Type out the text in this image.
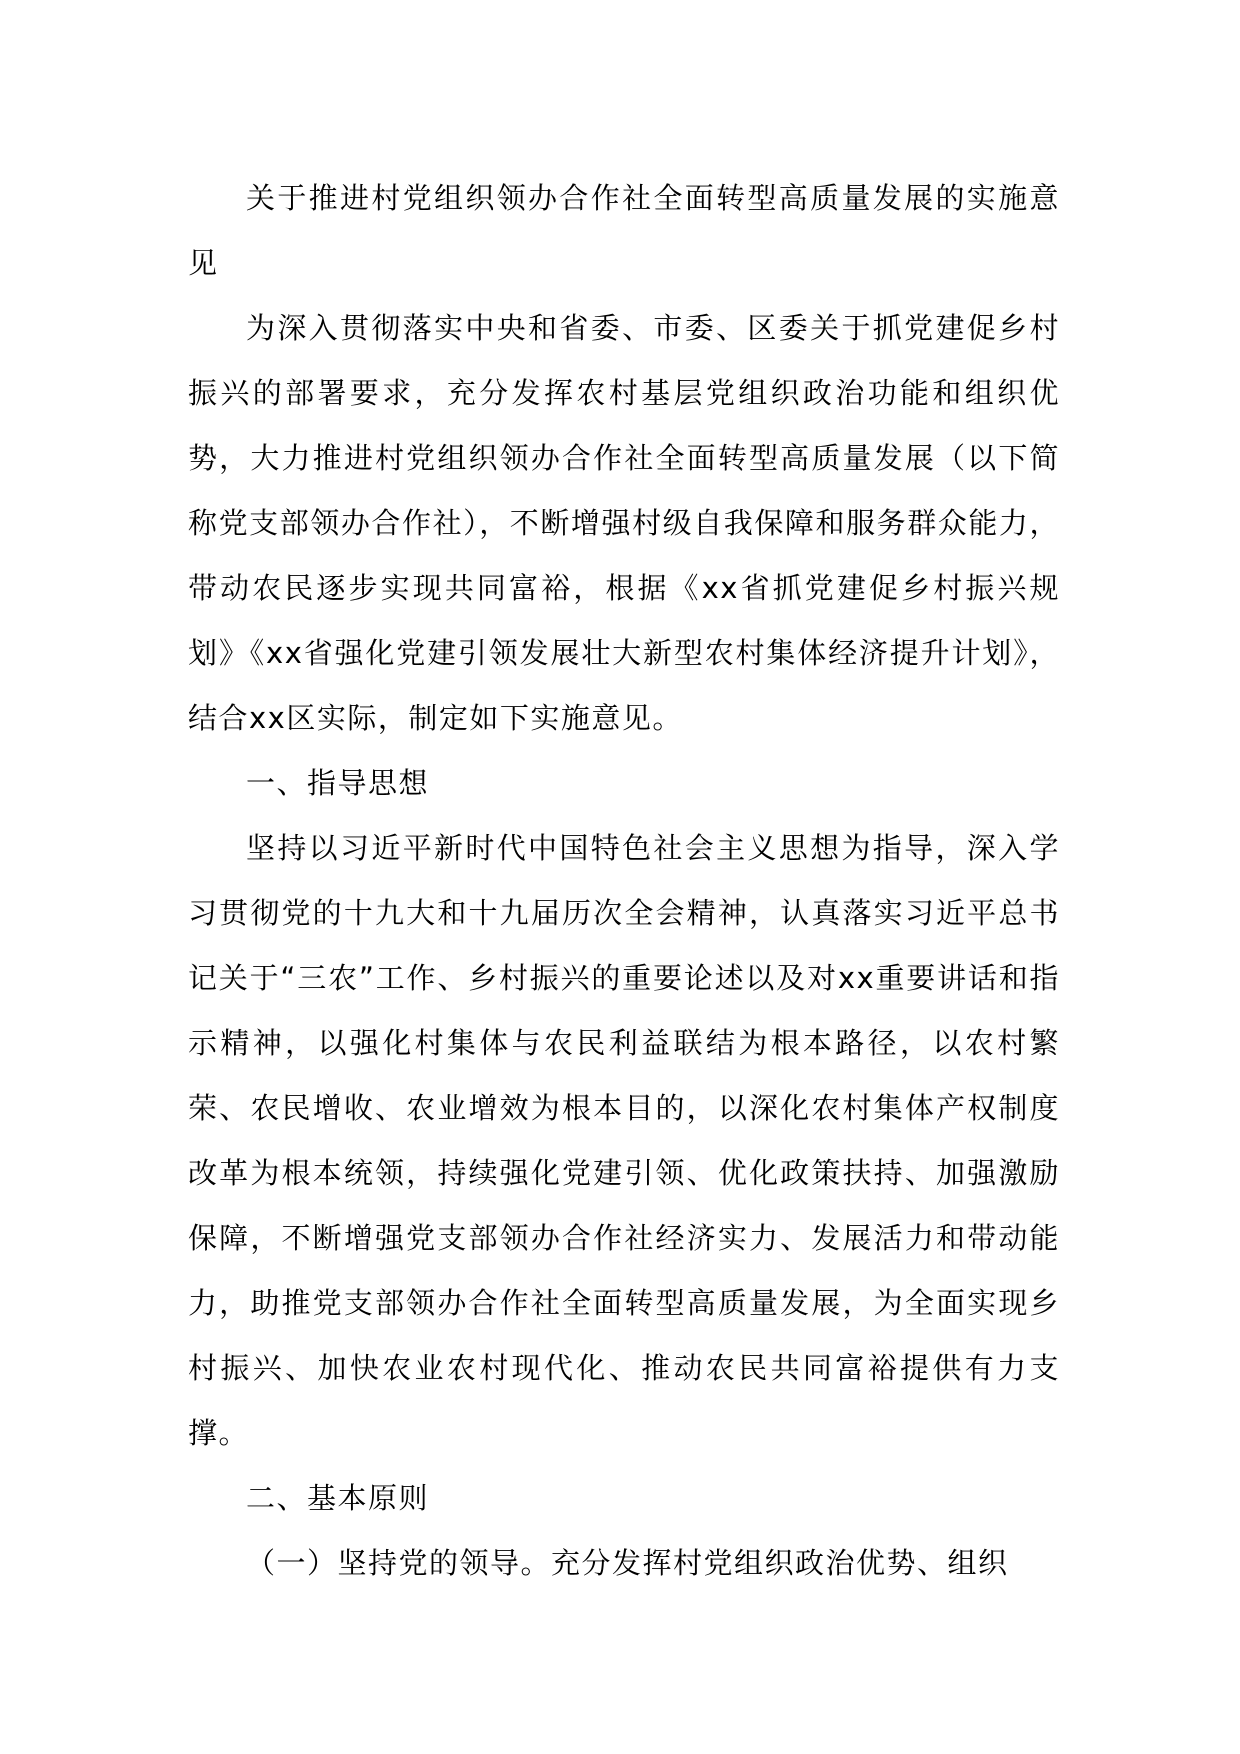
关于推进村党组织领办合作社全面转型高质量发展的实施意见

为深入贯彻落实中央和省委、市委、区委关于抓党建促乡村振兴的部署要求，充分发挥农村基层党组织政治功能和组织优势，大力推进村党组织领办合作社全面转型高质量发展（以下简称党支部领办合作社），不断增强村级自我保障和服务群众能力，带动农民逐步实现共同富裕，根据《xx省抓党建促乡村振兴规划》《xx省强化党建引领发展壮大新型农村集体经济提升计划》，结合xx区实际，制定如下实施意见。

一、指导思想

坚持以习近平新时代中国特色社会主义思想为指导，深入学习贯彻党的十九大和十九届历次全会精神，认真落实习近平总书记关于“三农”工作、乡村振兴的重要论述以及对xx重要讲话和指示精神，以强化村集体与农民利益联结为根本路径，以农村繁荣、农民增收、农业增效为根本目的，以深化农村集体产权制度改革为根本统领，持续强化党建引领、优化政策扶持、加强激励保障，不断增强党支部领办合作社经济实力、发展活力和带动能力，助推党支部领办合作社全面转型高质量发展，为全面实现乡村振兴、加快农业农村现代化、推动农民共同富裕提供有力支撑。

二、基本原则

（一）坚持党的领导。充分发挥村党组织政治优势、组织
